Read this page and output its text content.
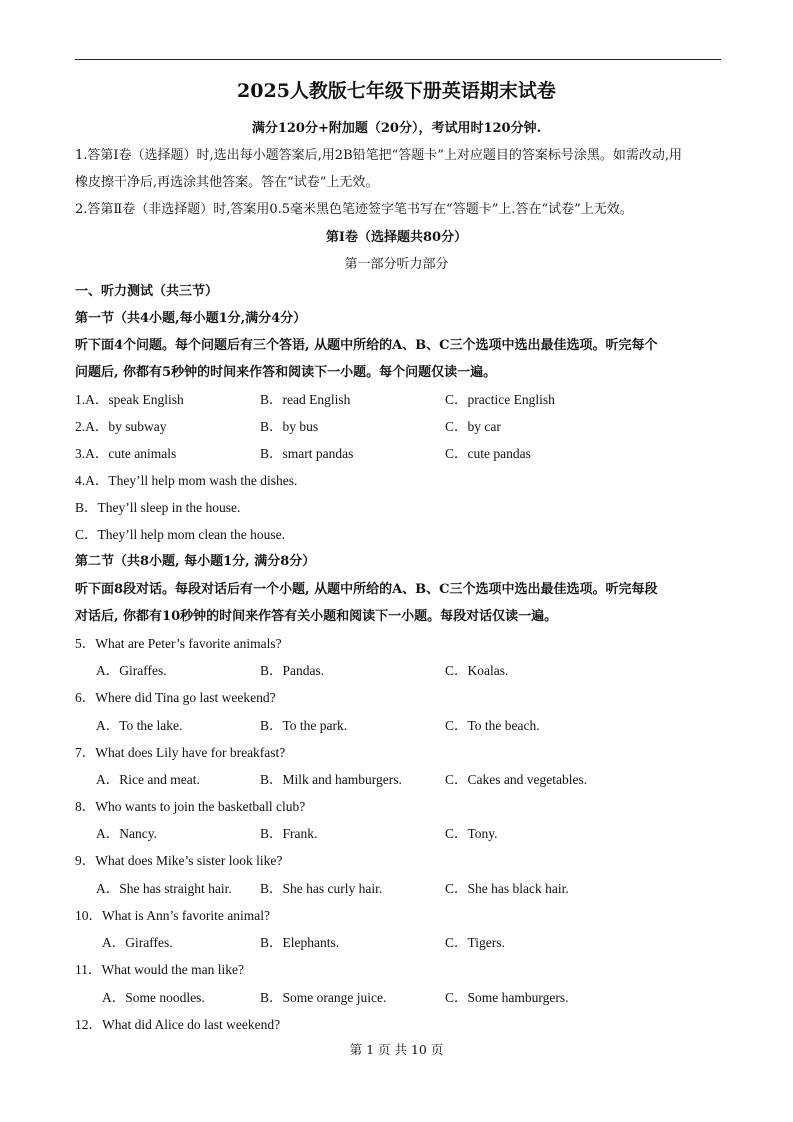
2025人教版七年级下册英语期末试卷
满分120分+附加题（20分），考试用时120分钟.
1.答第Ⅰ卷（选择题）时,选出每小题答案后,用2B铅笔把“答题卡”上对应题目的答案标号涂黑。如需改动,用
橡皮擦干净后,再选涂其他答案。答在“试卷”上无效。
2.答第Ⅱ卷（非选择题）时,答案用0.5毫米黑色笔迹签字笔书写在“答题卡”上.答在“试卷”上无效。
第Ⅰ卷（选择题共80分）
第一部分听力部分
一、听力测试（共三节）
第一节（共4小题,每小题1分,满分4分）
听下面4个问题。每个问题后有三个答语, 从题中所给的A、B、C三个选项中选出最佳选项。听完每个
问题后, 你都有5秒钟的时间来作答和阅读下一小题。每个问题仅读一遍。
1.A．speak English	B．read English	C．practice English
2.A．by subway	B．by bus	C．by car
3.A．cute animals	B．smart pandas	C．cute pandas
4.A．They’ll help mom wash the dishes.
B．They’ll sleep in the house.
C．They’ll help mom clean the house.
第二节（共8小题, 每小题1分, 满分8分）
听下面8段对话。每段对话后有一个小题, 从题中所给的A、B、C三个选项中选出最佳选项。听完每段
对话后, 你都有10秒钟的时间来作答有关小题和阅读下一小题。每段对话仅读一遍。
5．What are Peter’s favorite animals?
A．Giraffes.	B．Pandas.	C．Koalas.
6．Where did Tina go last weekend?
A．To the lake.	B．To the park.	C．To the beach.
7．What does Lily have for breakfast?
A．Rice and meat.	B．Milk and hamburgers.	C．Cakes and vegetables.
8．Who wants to join the basketball club?
A．Nancy.	B．Frank.	C．Tony.
9．What does Mike’s sister look like?
A．She has straight hair. B．She has curly hair.	C．She has black hair.
10．What is Ann’s favorite animal?
A．Giraffes.	B．Elephants.	C．Tigers.
11．What would the man like?
A．Some noodles.	B．Some orange juice.	C．Some hamburgers.
12．What did Alice do last weekend?
第 1 页 共 10 页
